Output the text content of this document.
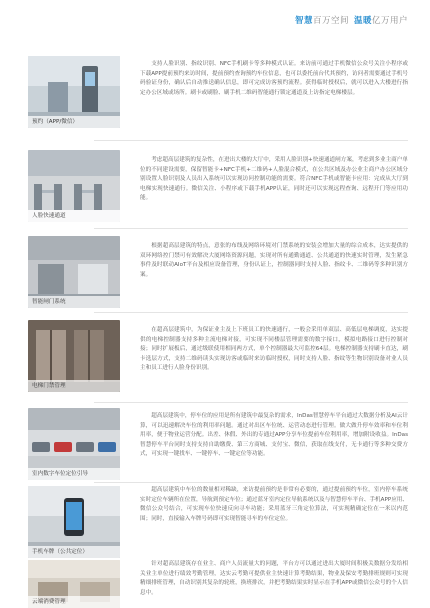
智慧百万空间 温暖亿万用户
预约（APP/微信）

支持人脸识别、指纹识别、NFC手机刷卡等多种模式认证。来访前可通过手机微信公众号关注小程序或下载APP提前预约来访时间，提前预约查询预约车位信息，也可以委托前台代其预约，访问者需要通过手机号码验证身份，确认后自动推送确认信息，即可完成访客预约流程。获得临时授权后，就可以进入大楼进行指定办公区域或场所。刷卡或刷脸、刷手机二维码智能通行锁定通道及上访指定电梯楼层。

人脸快速通道

考虑超高层建筑的复杂性，在进出大楼的大厅中，采用人脸识别+快速通道闸方案，考虑到多业主商户单位的不同建设需要，保留智能卡+NFC手机+二维码+人脸混合模式，在公共区域及办公业主商户办公区域分别设置人脸识别及人员出入系统可以实现访问控制功能的需要。符合NFC手机或智能卡应用：完成从大厅到电梯实现快速通行。微信关注、小程序或下载手机APP认证，同时还可以实现远程查询、远程开门等应用功能。

智能闸门系统

根据超高层建筑的特点，意张的布线及网络环境对门禁系统的安装会增加大量的综合成本，达实提供的双环网络控门禁可有效解决大厦网络资源问题，实现对所有通勤通道、公共通道的快速实时管理，发生紧急事件及时联动AIoT平台及相应设备管理，身份认证上，控制器同时支持人脸、指纹卡、二维码等多种识别方案。

电梯门禁管理

在超高层建筑中，为保证业主及上下班员工的快速通行，一般会采用单双层、高低层电梯调度，达实提供的电梯控制器支持多种主流电梯对接，可实现不同楼层管理需要的数字接口，模拟电路接口进行控制对接；同时扩展板后，通过级联使用相同两方式，单个控制器最大可监控64层。电梯控制器支持刷卡直达，刷卡选层方式，支持二维码读头实现访客或临时来访临时授权，同时支持人脸、指纹等生物识别设备对业人员主和员工进行人脸身份识别。

室内数字车位定位引导

超高层建筑中，停车位的应用是所有建筑中最复杂的需求，InDas智慧停车平台通过大数据分析及AI云计算，可以迅速解决车位的利用率问题。通过对出区车位统、运营动态进行管理。做大做升停车效率和车位利用率，便于物业运营分配。出差、休假、外出的专通过APP分享车位提前车位利用率，增加附设收益。InDas智慧停车平台同时支持支持自助缴费、第三方商城、支付宝、微信，获取在线支付，无卡通行等多种交费方式，可实现一键找车、一键停车、一键定位等功能。

手机车牌（公共定位）

超高层建筑中车位的数量相对稀缺，来访提前预约是非常有必要的，通过提前预约车位，室内停车系统实时定位车辆所在位置，导航到预定车位；通过蓝牙室内定位导航系统以及与智慧停车平台、手机APP应用、微信公众号结合，可实现车位快速反向寻车功能；采用蓝牙三角定位算法，可实现精确定位在一米以内范围；同时，直接输入车牌号码即可实现智能寻车的车位定位。

云端消费管理

针对超高层建筑存在业主、商户人员流量大的问题，平台方可以通过进出大厦时间积极关数据分发给相关业主单位进行绩效考勤管理，达实云考勤可提供业主快速计算考勤结果，物业及保安考勤排班规则可实现精细排班管理，自动识别其复杂的轮班，换班排次，并把考勤结果实时显示在手机APP或微信公众号的个人信息中。
